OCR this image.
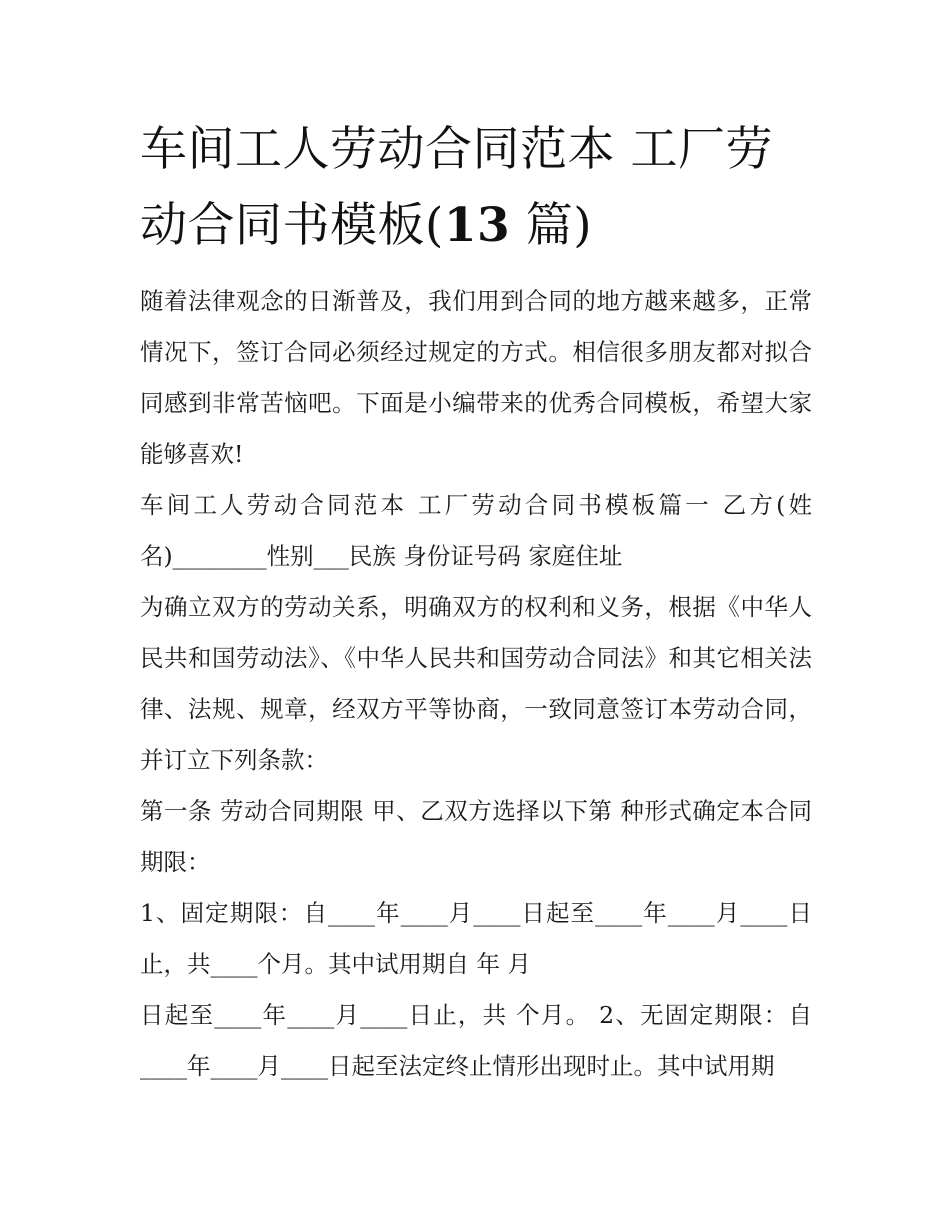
车间工人劳动合同范本 工厂劳动合同书模板(13 篇)

随着法律观念的日渐普及，我们用到合同的地方越来越多，正常情况下，签订合同必须经过规定的方式。相信很多朋友都对拟合同感到非常苦恼吧。下面是小编带来的优秀合同模板，希望大家能够喜欢!

车间工人劳动合同范本 工厂劳动合同书模板篇一 乙方(姓名)________性别___民族 身份证号码 家庭住址

为确立双方的劳动关系，明确双方的权利和义务，根据《中华人民共和国劳动法》、《中华人民共和国劳动合同法》和其它相关法律、法规、规章，经双方平等协商，一致同意签订本劳动合同，并订立下列条款：

第一条 劳动合同期限 甲、乙双方选择以下第 种形式确定本合同期限：

1、固定期限：自____年____月____日起至____年____月____日止，共____个月。其中试用期自 年 月

日起至____年____月____日止，共 个月。 2、无固定期限：自____年____月____日起至法定终止情形出现时止。其中试用期
